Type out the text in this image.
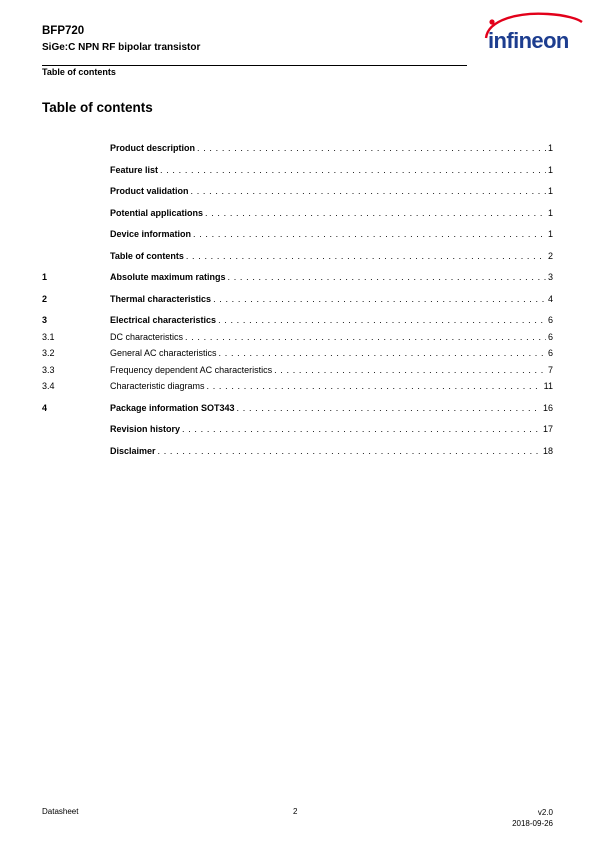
BFP720
SiGe:C NPN RF bipolar transistor
Table of contents
infineon
Table of contents
Product description . . .	1
Feature list . . .	1
Product validation . . .	1
Potential applications . . .	1
Device information . . .	1
Table of contents . . .	2
1	Absolute maximum ratings . . .	3
2	Thermal characteristics . . .	4
3	Electrical characteristics . . .	6
3.1	DC characteristics . . .	6
3.2	General AC characteristics . . .	6
3.3	Frequency dependent AC characteristics . . .	7
3.4	Characteristic diagrams . . .	11
4	Package information SOT343 . . .	16
Revision history . . .	17
Disclaimer . . .	18
Datasheet	2	v2.0
2018-09-26
